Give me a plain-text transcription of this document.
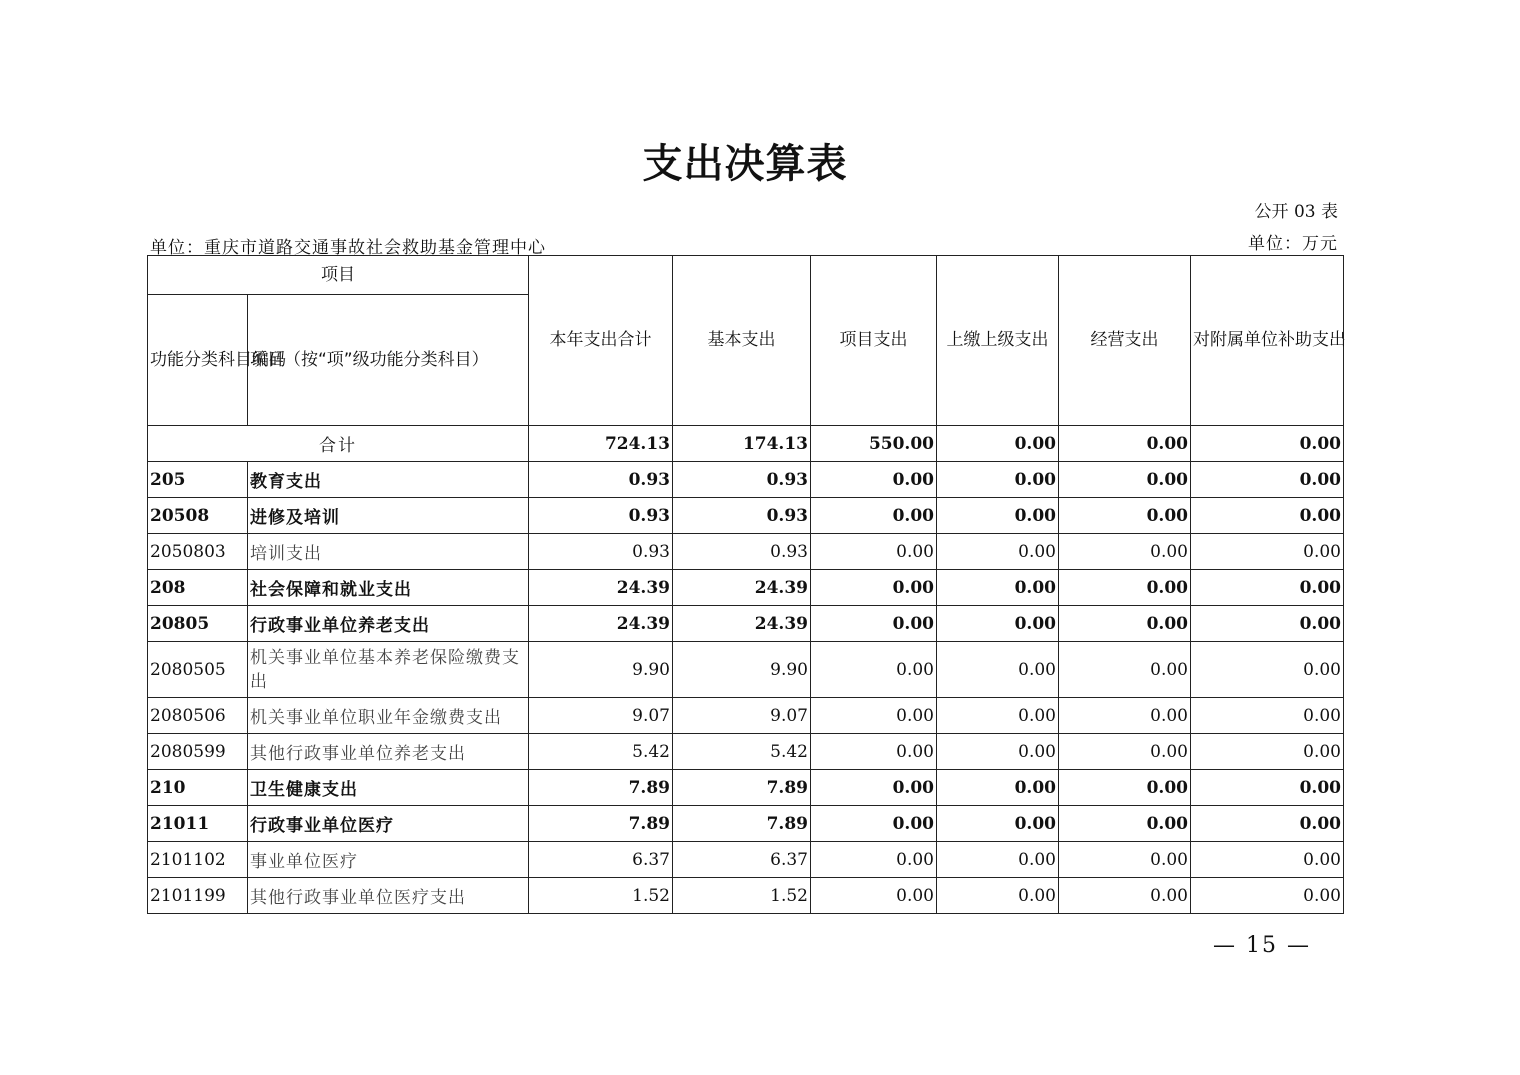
支出决算表
公开 03 表
单位：重庆市道路交通事故社会救助基金管理中心	单位：万元
项目		本年支出合计	基本支出	项目支出	上缴上级支出	经营支出	对附属单位补助支出
功能分类科目编码	项目（按“项”级功能分类科目）						
合计		724.13	174.13	550.00	0.00	0.00	0.00
205	教育支出	0.93	0.93	0.00	0.00	0.00	0.00
20508	进修及培训	0.93	0.93	0.00	0.00	0.00	0.00
2050803	培训支出	0.93	0.93	0.00	0.00	0.00	0.00
208	社会保障和就业支出	24.39	24.39	0.00	0.00	0.00	0.00
20805	行政事业单位养老支出	24.39	24.39	0.00	0.00	0.00	0.00
2080505	机关事业单位基本养老保险缴费支出	9.90	9.90	0.00	0.00	0.00	0.00
2080506	机关事业单位职业年金缴费支出	9.07	9.07	0.00	0.00	0.00	0.00
2080599	其他行政事业单位养老支出	5.42	5.42	0.00	0.00	0.00	0.00
210	卫生健康支出	7.89	7.89	0.00	0.00	0.00	0.00
21011	行政事业单位医疗	7.89	7.89	0.00	0.00	0.00	0.00
2101102	事业单位医疗	6.37	6.37	0.00	0.00	0.00	0.00
2101199	其他行政事业单位医疗支出	1.52	1.52	0.00	0.00	0.00	0.00
— 15 —
